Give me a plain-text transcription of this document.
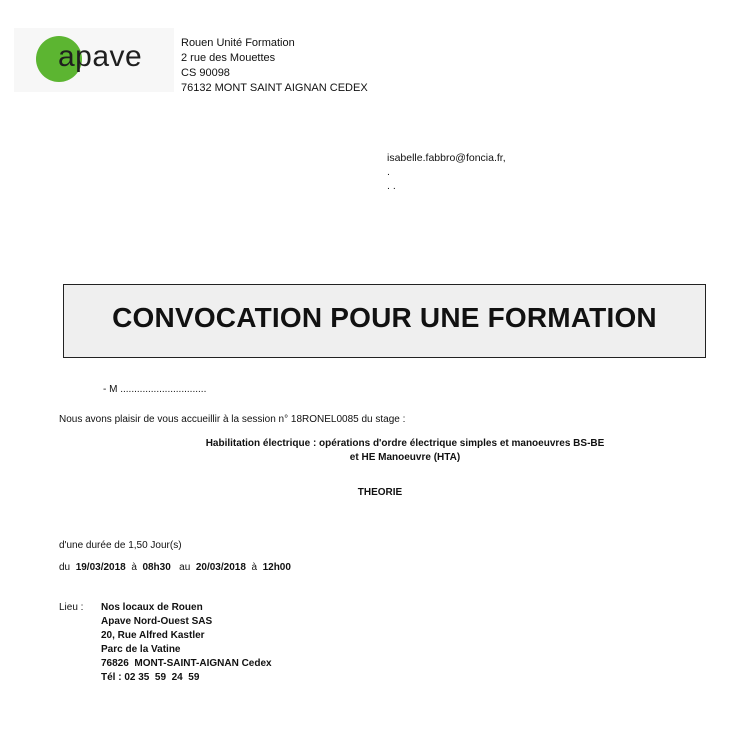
apave	Rouen Unité Formation
2 rue des Mouettes
CS 90098
76132 MONT SAINT AIGNAN CEDEX
isabelle.fabbro@foncia.fr,
.
. .
CONVOCATION POUR UNE FORMATION
- M ...............................
Nous avons plaisir de vous accueillir à la session n° 18RONEL0085 du stage :
Habilitation électrique : opérations d'ordre électrique simples et manoeuvres BS-BE
et HE Manoeuvre (HTA)
THEORIE
d'une durée de 1,50 Jour(s)
du 19/03/2018 à 08h30 au 20/03/2018 à 12h00
Lieu : Nos locaux de Rouen
Apave Nord-Ouest SAS
20, Rue Alfred Kastler
Parc de la Vatine
76826  MONT-SAINT-AIGNAN Cedex
Tél : 02 35  59  24  59
